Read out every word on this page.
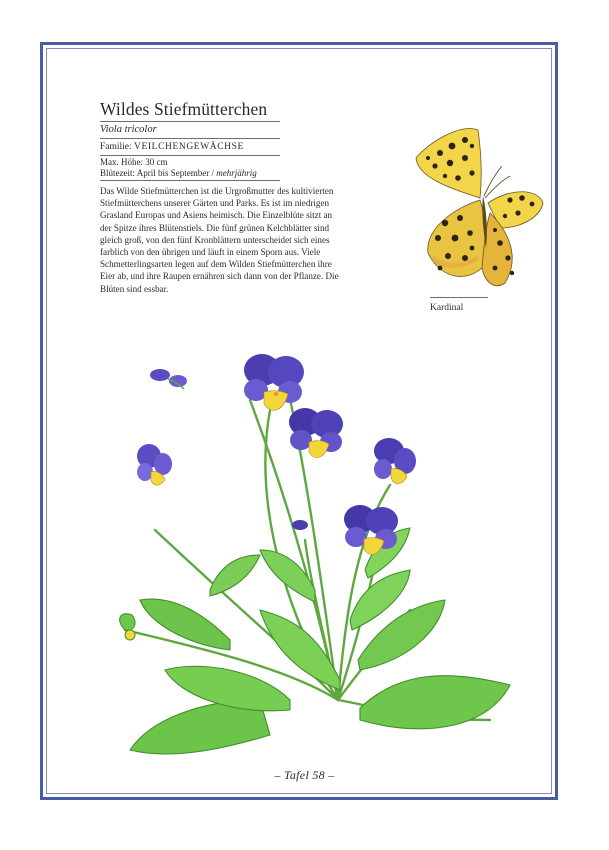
Wildes Stiefmütterchen
Viola tricolor
Familie: VEILCHENGEWÄCHSE
Max. Höhe: 30 cm
Blütezeit: April bis September / mehrjährig
Das Wilde Stiefmütterchen ist die Urgroßmutter des kultivierten Stiefmütterchens unserer Gärten und Parks. Es ist im niedrigen Grasland Europas und Asiens heimisch. Die Einzelblüte sitzt an der Spitze ihres Blütenstiels. Die fünf grünen Kelchblätter sind gleich groß, von den fünf Kronblättern unterscheidet sich eines farblich von den übrigen und läuft in einem Sporn aus. Viele Schmetterlingsarten legen auf dem Wilden Stiefmütterchen ihre Eier ab, und ihre Raupen ernähren sich dann von der Pflanze. Die Blüten sind essbar.
Kardinal
– Tafel 58 –
